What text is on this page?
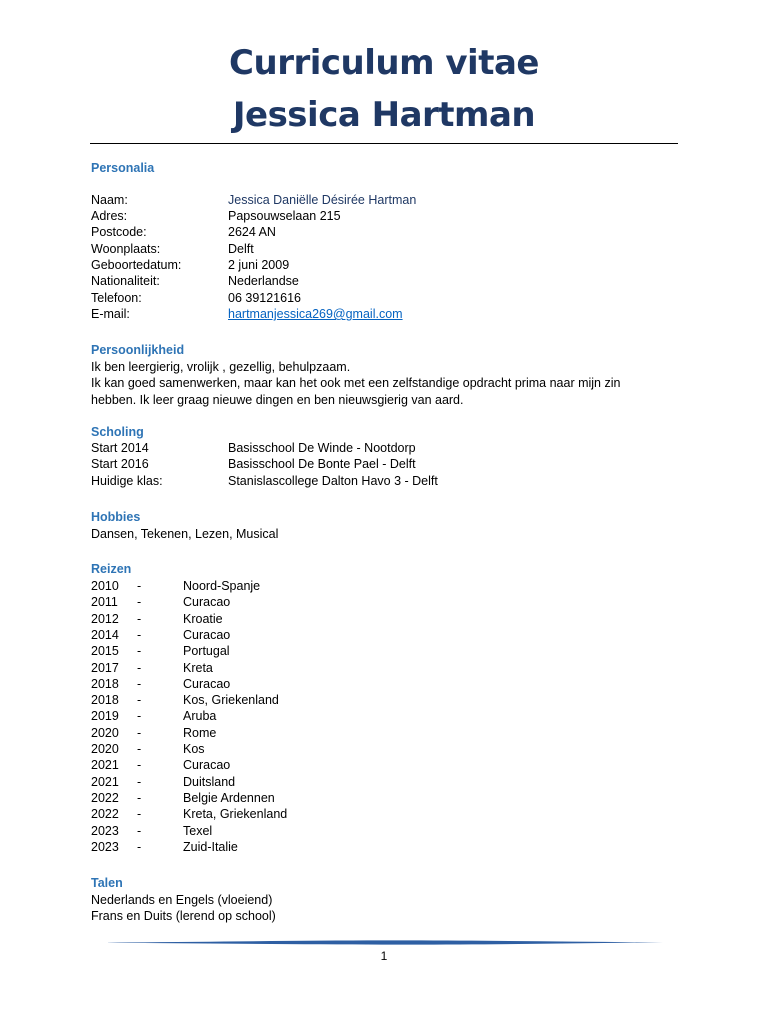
Curriculum vitae
Jessica Hartman
Personalia
Naam:	Jessica Daniëlle Désirée Hartman
Adres:	Papsouwselaan 215
Postcode:	2624 AN
Woonplaats:	Delft
Geboortedatum:	2 juni 2009
Nationaliteit:	Nederlandse
Telefoon:	06 39121616
E-mail:	hartmanjessica269@gmail.com
Persoonlijkheid
Ik ben leergierig, vrolijk , gezellig, behulpzaam.
Ik kan goed samenwerken, maar kan het ook met een zelfstandige opdracht prima naar mijn zin
hebben. Ik leer graag nieuwe dingen en ben nieuwsgierig van aard.
Scholing
Start 2014	Basisschool De Winde - Nootdorp
Start 2016	Basisschool De Bonte Pael - Delft
Huidige klas:	Stanislascollege Dalton Havo 3 - Delft
Hobbies
Dansen, Tekenen, Lezen, Musical
Reizen
2010 -	Noord-Spanje
2011 -	Curacao
2012 -	Kroatie
2014 -	Curacao
2015 -	Portugal
2017 -	Kreta
2018 -	Curacao
2018 -	Kos, Griekenland
2019 -	Aruba
2020 -	Rome
2020 -	Kos
2021 -	Curacao
2021 -	Duitsland
2022 -	Belgie Ardennen
2022 -	Kreta, Griekenland
2023 -	Texel
2023 -	Zuid-Italie
Talen
Nederlands en Engels (vloeiend)
Frans en Duits (lerend op school)
1
